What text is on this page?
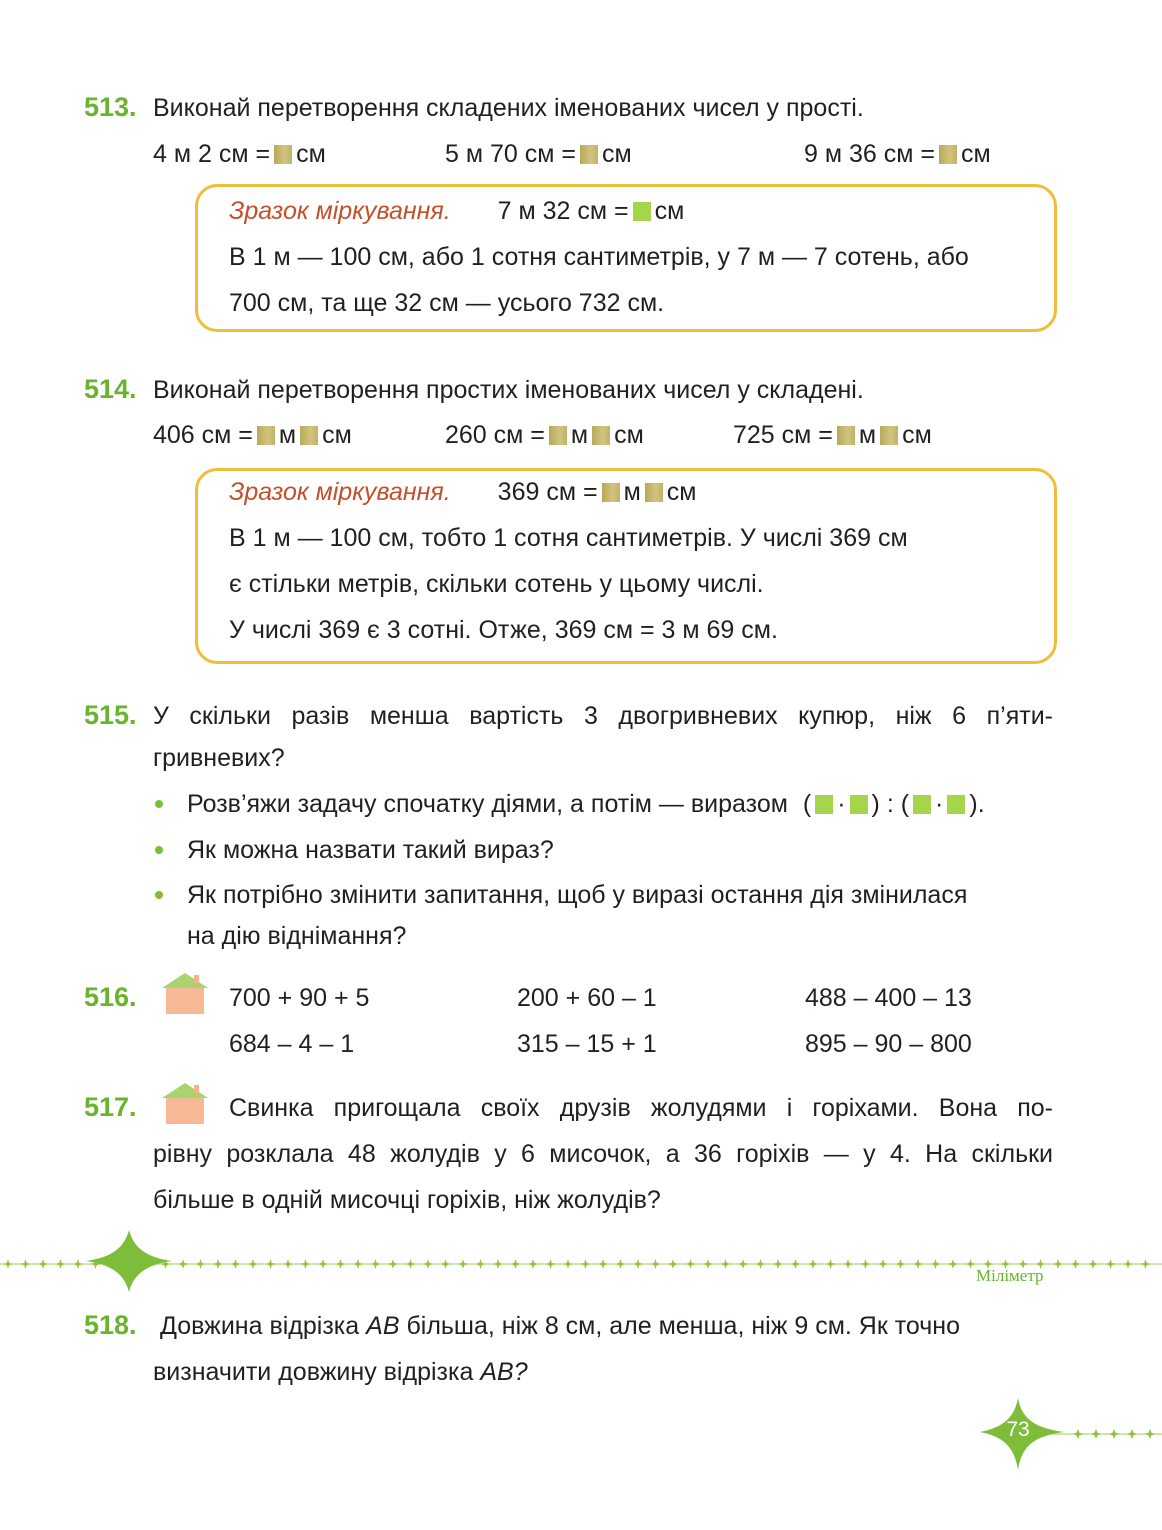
513. Виконай перетворення складених іменованих чисел у прості.
4 м 2 см = см	5 м 70 см = см	9 м 36 см = см
Зразок міркування. 7 м 32 см = см
В 1 м — 100 см, або 1 сотня сантиметрів, у 7 м — 7 сотень, або
700 см, та ще 32 см — усього 732 см.
514. Виконай перетворення простих іменованих чисел у складені.
406 см = м см	260 см = м см	725 см = м см
Зразок міркування. 369 см = м см
В 1 м — 100 см, тобто 1 сотня сантиметрів. У числі 369 см
є стільки метрів, скільки сотень у цьому числі.
У числі 369 є 3 сотні. Отже, 369 см = 3 м 69 см.
515. У скільки разів менша вартість 3 двогривневих купюр, ніж 6 п’яти-
гривневих?
Розв’яжи задачу спочатку діями, а потім — виразом ( · ) : ( · ).
Як можна назвати такий вираз?
Як потрібно змінити запитання, щоб у виразі остання дія змінилася
на дію віднімання?
516.	700 + 90 + 5	200 + 60 – 1	488 – 400 – 13
684 – 4 – 1	315 – 15 + 1	895 – 90 – 800
517.	Свинка пригощала своїх друзів жолудями і горіхами. Вона по-
рівну розклала 48 жолудів у 6 мисочок, а 36 горіхів — у 4. На скільки
більше в одній мисочці горіхів, ніж жолудів?
Міліметр
518. Довжина відрізка AB більша, ніж 8 см, але менша, ніж 9 см. Як точно
визначити довжину відрізка AB?
73
